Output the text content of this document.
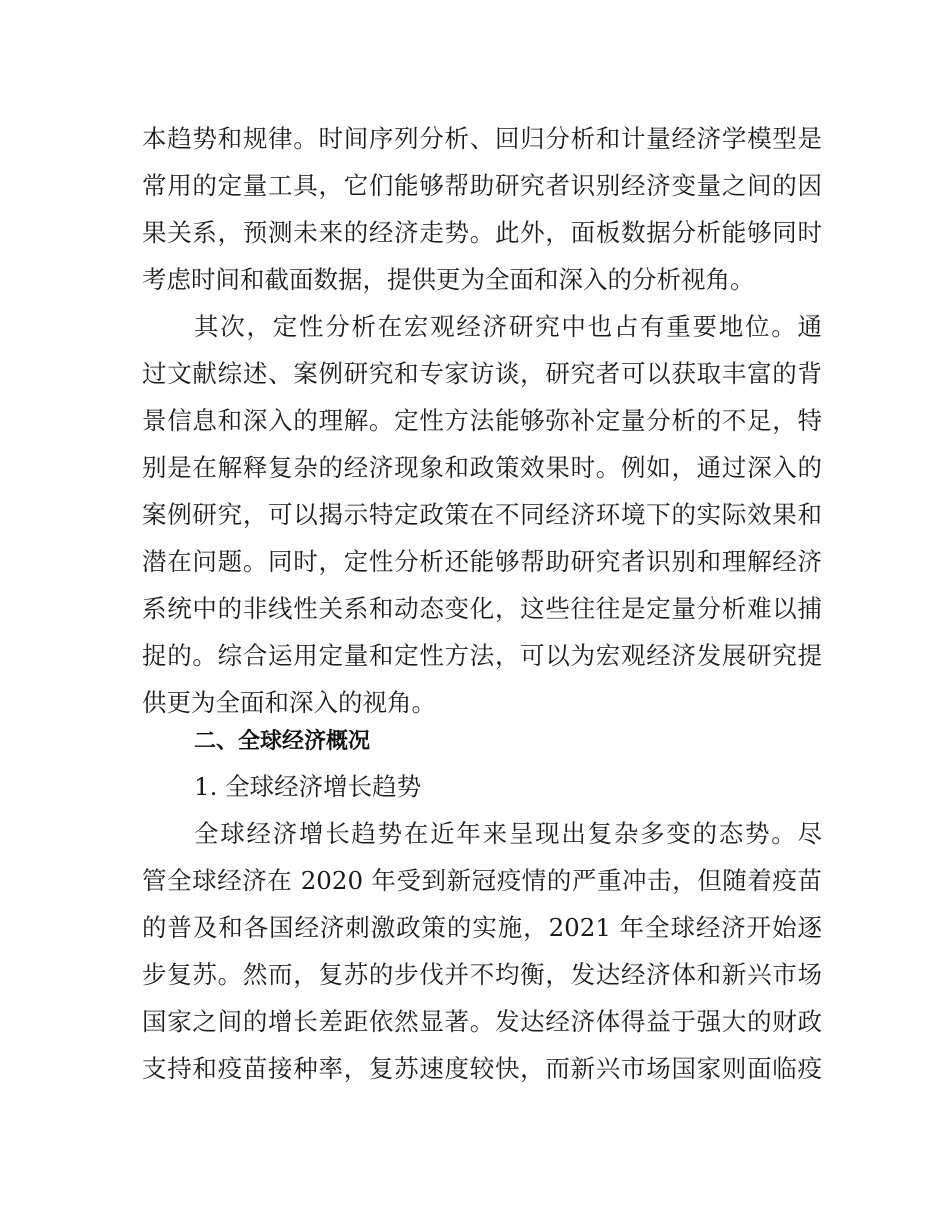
本趋势和规律。时间序列分析、回归分析和计量经济学模型是
常用的定量工具，它们能够帮助研究者识别经济变量之间的因
果关系，预测未来的经济走势。此外，面板数据分析能够同时
考虑时间和截面数据，提供更为全面和深入的分析视角。
其次，定性分析在宏观经济研究中也占有重要地位。通
过文献综述、案例研究和专家访谈，研究者可以获取丰富的背
景信息和深入的理解。定性方法能够弥补定量分析的不足，特
别是在解释复杂的经济现象和政策效果时。例如，通过深入的
案例研究，可以揭示特定政策在不同经济环境下的实际效果和
潜在问题。同时，定性分析还能够帮助研究者识别和理解经济
系统中的非线性关系和动态变化，这些往往是定量分析难以捕
捉的。综合运用定量和定性方法，可以为宏观经济发展研究提
供更为全面和深入的视角。
二、全球经济概况
1. 全球经济增长趋势
全球经济增长趋势在近年来呈现出复杂多变的态势。尽
管全球经济在 2020 年受到新冠疫情的严重冲击，但随着疫苗
的普及和各国经济刺激政策的实施，2021 年全球经济开始逐
步复苏。然而，复苏的步伐并不均衡，发达经济体和新兴市场
国家之间的增长差距依然显著。发达经济体得益于强大的财政
支持和疫苗接种率，复苏速度较快，而新兴市场国家则面临疫
